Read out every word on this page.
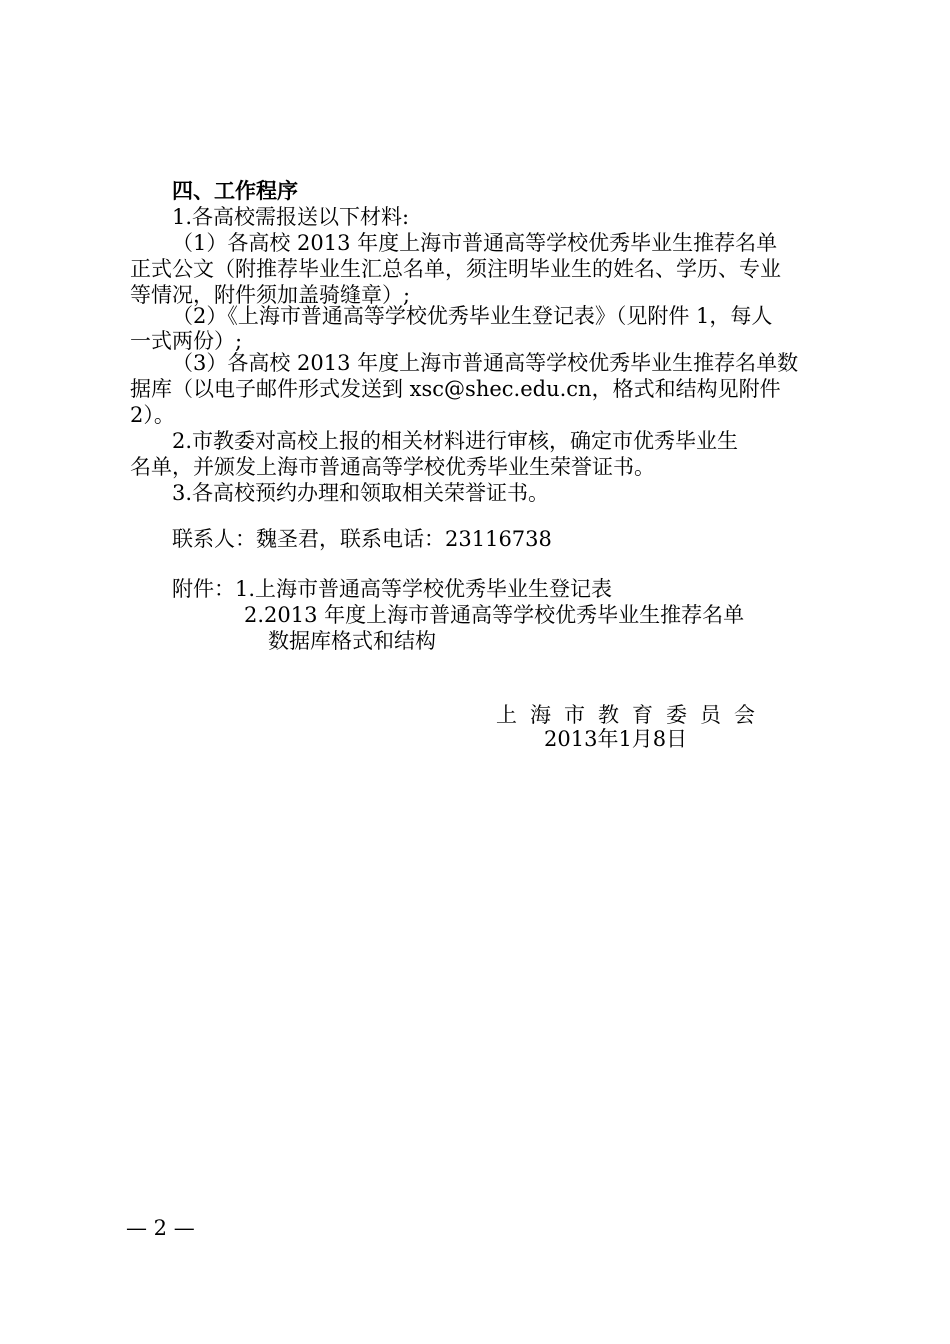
四、工作程序
1.各高校需报送以下材料:
（1）各高校 2013 年度上海市普通高等学校优秀毕业生推荐名单
正式公文（附推荐毕业生汇总名单，须注明毕业生的姓名、学历、专业
等情况，附件须加盖骑缝章）;
（2）《上海市普通高等学校优秀毕业生登记表》（见附件 1，每人
一式两份）;
（3）各高校 2013 年度上海市普通高等学校优秀毕业生推荐名单数
据库（以电子邮件形式发送到 xsc@shec.edu.cn，格式和结构见附件
2）。
2.市教委对高校上报的相关材料进行审核，确定市优秀毕业生
名单，并颁发上海市普通高等学校优秀毕业生荣誉证书。
3.各高校预约办理和领取相关荣誉证书。
联系人：魏圣君，联系电话：23116738
附件：1.上海市普通高等学校优秀毕业生登记表
2.2013 年度上海市普通高等学校优秀毕业生推荐名单
数据库格式和结构
上海市教育委员会
2013年1月8日
— 2 —
